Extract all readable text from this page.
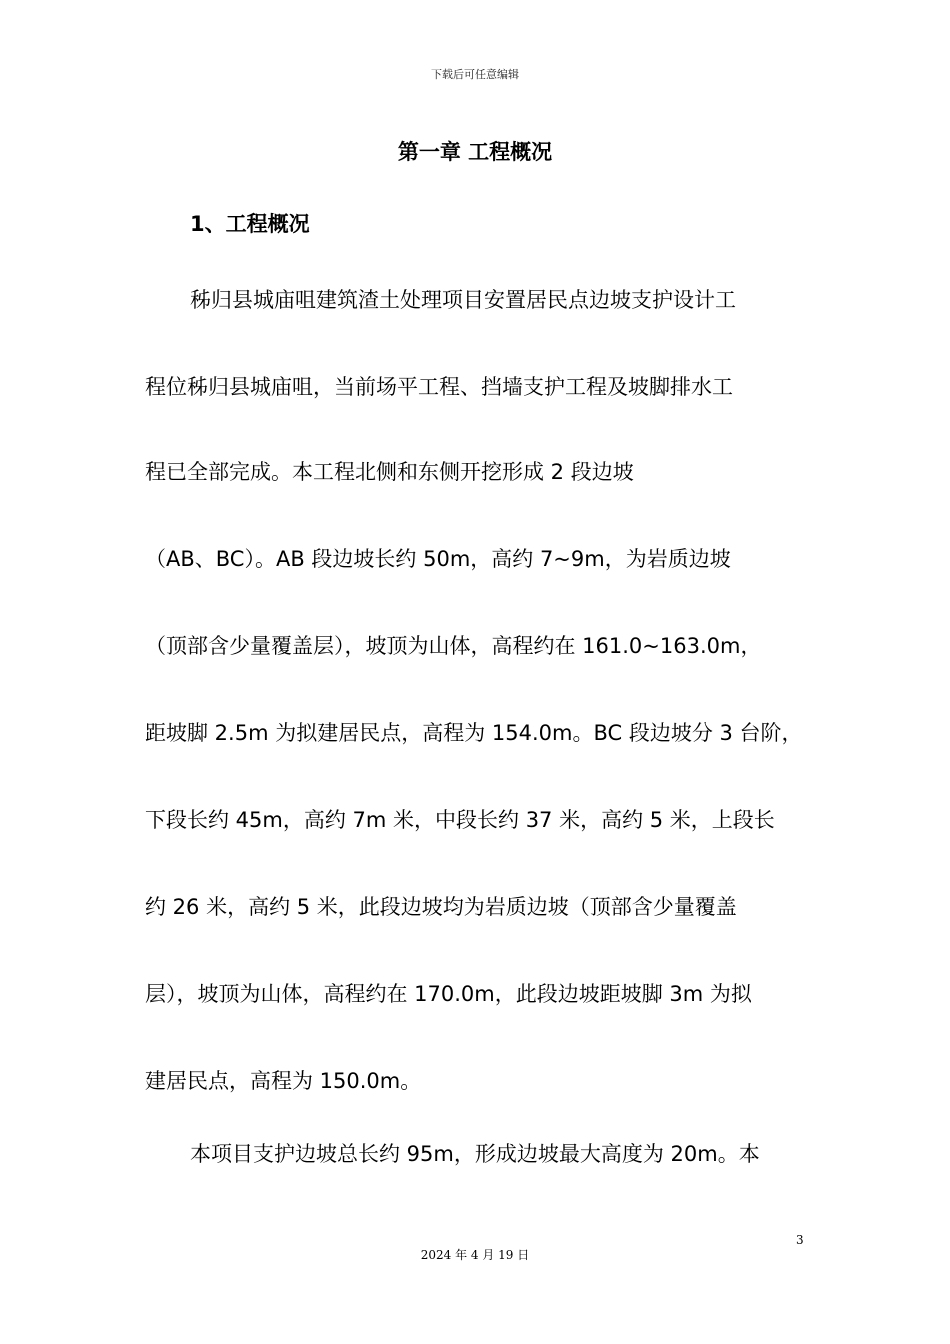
下载后可任意编辑
第一章 工程概况
1、工程概况
秭归县城庙咀建筑渣土处理项目安置居民点边坡支护设计工
程位秭归县城庙咀，当前场平工程、挡墙支护工程及坡脚排水工
程已全部完成。本工程北侧和东侧开挖形成 2 段边坡
（AB、BC）。AB 段边坡长约 50m，高约 7~9m，为岩质边坡
（顶部含少量覆盖层），坡顶为山体，高程约在 161.0~163.0m，
距坡脚 2.5m 为拟建居民点，高程为 154.0m。BC 段边坡分 3 台阶，
下段长约 45m，高约 7m 米，中段长约 37 米，高约 5 米，上段长
约 26 米，高约 5 米，此段边坡均为岩质边坡（顶部含少量覆盖
层），坡顶为山体，高程约在 170.0m，此段边坡距坡脚 3m 为拟
建居民点，高程为 150.0m。
本项目支护边坡总长约 95m，形成边坡最大高度为 20m。本
3
2024 年 4 月 19 日
